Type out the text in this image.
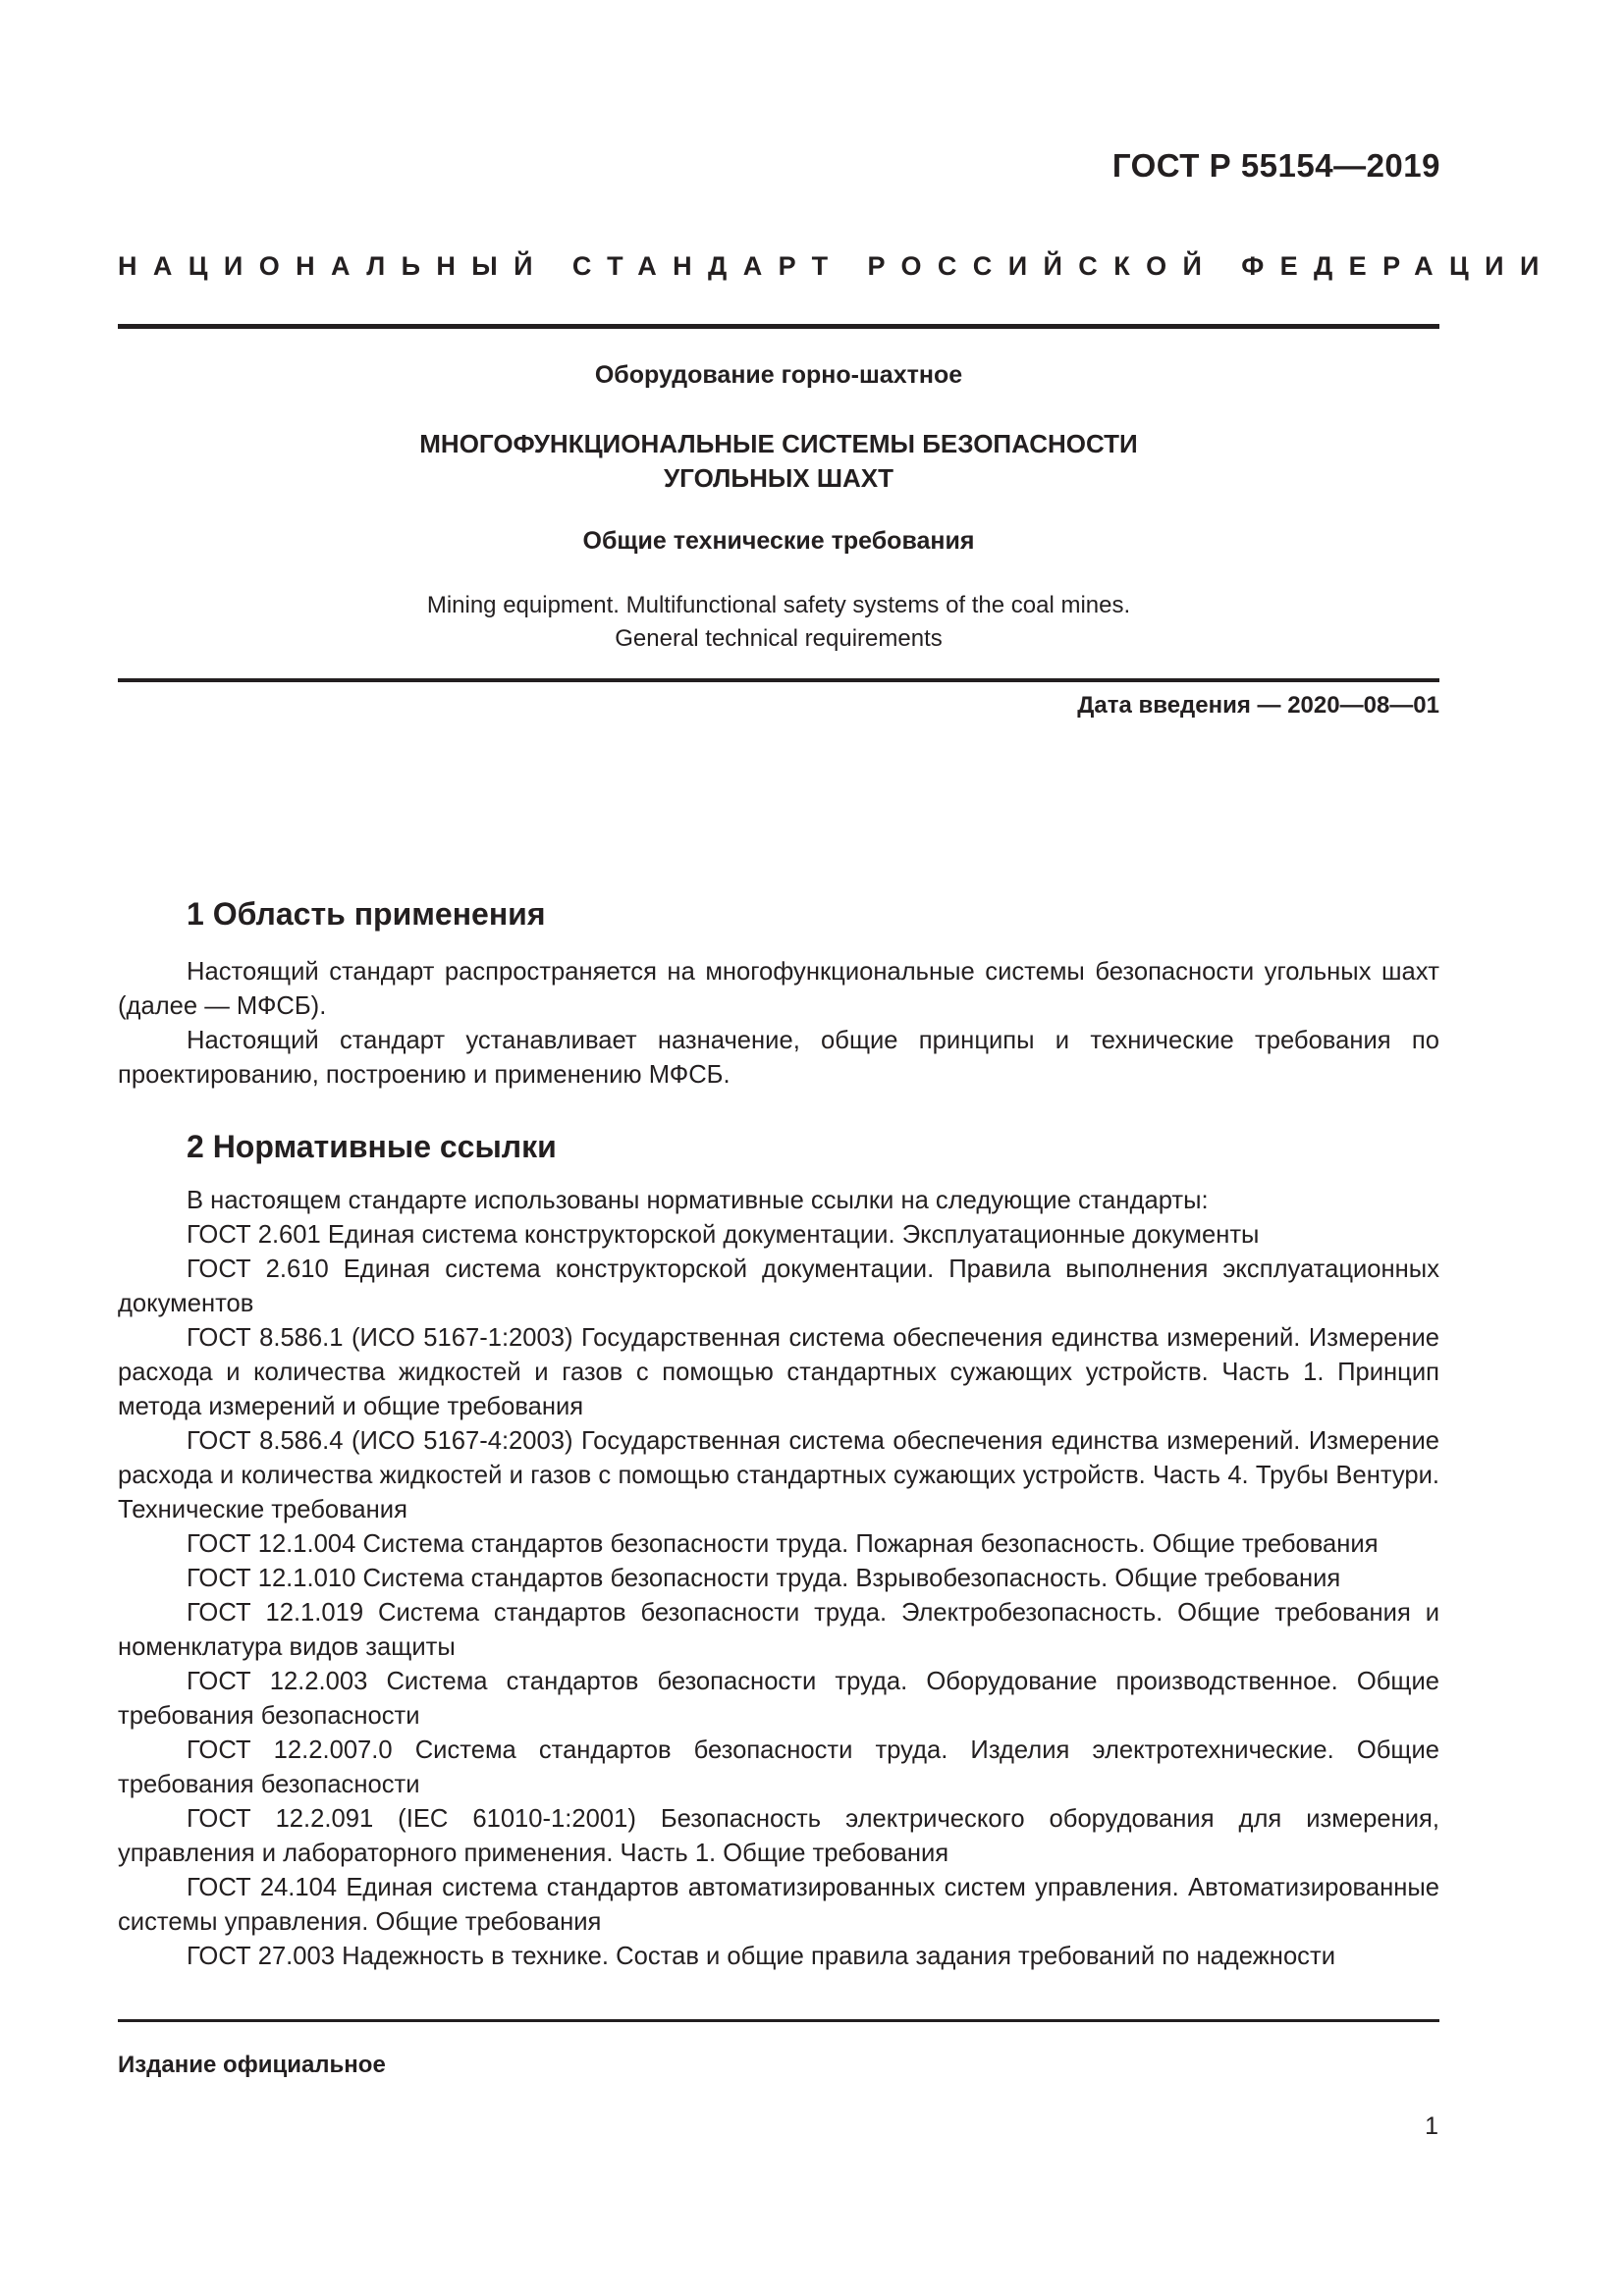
ГОСТ Р 55154—2019
НАЦИОНАЛЬНЫЙ СТАНДАРТ РОССИЙСКОЙ ФЕДЕРАЦИИ
Оборудование горно-шахтное
МНОГОФУНКЦИОНАЛЬНЫЕ СИСТЕМЫ БЕЗОПАСНОСТИ
УГОЛЬНЫХ ШАХТ
Общие технические требования
Mining equipment. Multifunctional safety systems of the coal mines.
General technical requirements
Дата введения — 2020—08—01
1 Область применения

Настоящий стандарт распространяется на многофункциональные системы безопасности угольных шахт (далее — МФСБ).

Настоящий стандарт устанавливает назначение, общие принципы и технические требования по проектированию, построению и применению МФСБ.

2 Нормативные ссылки

В настоящем стандарте использованы нормативные ссылки на следующие стандарты:

ГОСТ 2.601 Единая система конструкторской документации. Эксплуатационные документы

ГОСТ 2.610 Единая система конструкторской документации. Правила выполнения эксплуатационных документов

ГОСТ 8.586.1 (ИСО 5167-1:2003) Государственная система обеспечения единства измерений. Измерение расхода и количества жидкостей и газов с помощью стандартных сужающих устройств. Часть 1. Принцип метода измерений и общие требования

ГОСТ 8.586.4 (ИСО 5167-4:2003) Государственная система обеспечения единства измерений. Измерение расхода и количества жидкостей и газов с помощью стандартных сужающих устройств. Часть 4. Трубы Вентури. Технические требования

ГОСТ 12.1.004 Система стандартов безопасности труда. Пожарная безопасность. Общие требования

ГОСТ 12.1.010 Система стандартов безопасности труда. Взрывобезопасность. Общие требования

ГОСТ 12.1.019 Система стандартов безопасности труда. Электробезопасность. Общие требования и номенклатура видов защиты

ГОСТ 12.2.003 Система стандартов безопасности труда. Оборудование производственное. Общие требования безопасности

ГОСТ 12.2.007.0 Система стандартов безопасности труда. Изделия электротехнические. Общие требования безопасности

ГОСТ 12.2.091 (IEC 61010-1:2001) Безопасность электрического оборудования для измерения, управления и лабораторного применения. Часть 1. Общие требования

ГОСТ 24.104 Единая система стандартов автоматизированных систем управления. Автоматизированные системы управления. Общие требования

ГОСТ 27.003 Надежность в технике. Состав и общие правила задания требований по надежности

Издание официальное
1
